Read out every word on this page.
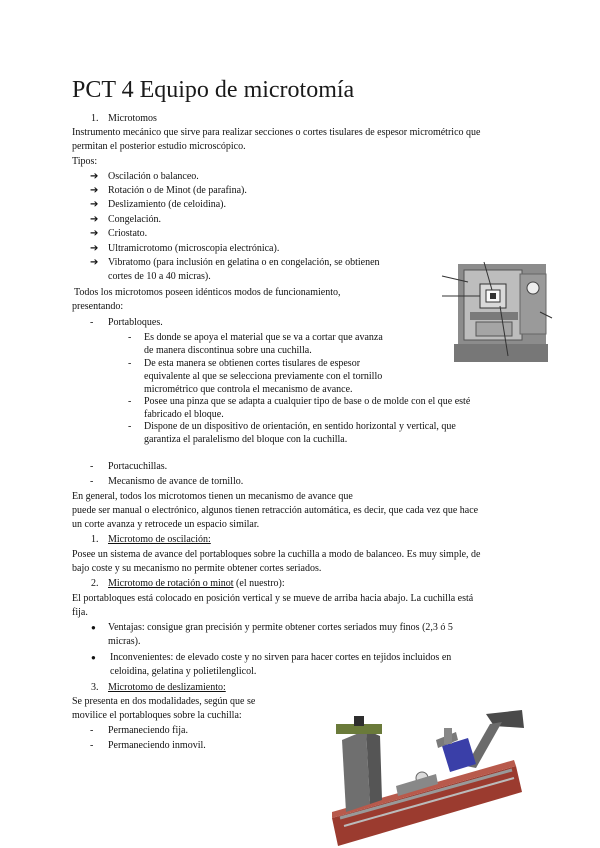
PCT 4 Equipo de microtomía
1. Microtomos
Instrumento mecánico que sirve para realizar secciones o cortes tisulares de espesor micrométrico que
permitan el posterior estudio microscópico.
Tipos:
➔ Oscilación o balanceo.
➔ Rotación o de Minot (de parafina).
➔ Deslizamiento (de celoidina).
➔ Congelación.
➔ Criostato.
➔ Ultramicrotomo (microscopia electrónica).
➔ Vibratomo (para inclusión en gelatina o en congelación, se obtienen
cortes de 10 a 40 micras).
Todos los microtomos poseen idénticos modos de funcionamiento,
presentando:
- Portabloques.
- Es donde se apoya el material que se va a cortar que avanza
de manera discontinua sobre una cuchilla.
- De esta manera se obtienen cortes tisulares de espesor
equivalente al que se selecciona previamente con el tornillo
micrométrico que controla el mecanismo de avance.
- Posee una pinza que se adapta a cualquier tipo de base o de molde con el que esté
fabricado el bloque.
- Dispone de un dispositivo de orientación, en sentido horizontal y vertical, que
garantiza el paralelismo del bloque con la cuchilla.
- Portacuchillas.
- Mecanismo de avance de tornillo.
En general, todos los microtomos tienen un mecanismo de avance que
puede ser manual o electrónico, algunos tienen retracción automática, es decir, que cada vez que hace
un corte avanza y retrocede un espacio similar.
1. Microtomo de oscilación:
Posee un sistema de avance del portabloques sobre la cuchilla a modo de balanceo. Es muy simple, de
bajo coste y su mecanismo no permite obtener cortes seriados.
2. Microtomo de rotación o minot (el nuestro):
El portabloques está colocado en posición vertical y se mueve de arriba hacia abajo. La cuchilla está
fija.
● Ventajas: consigue gran precisión y permite obtener cortes seriados muy finos (2,3 ó 5
micras).
● Inconvenientes: de elevado coste y no sirven para hacer cortes en tejidos incluidos en
celoidina, gelatina y polietilenglicol.
3. Microtomo de deslizamiento:
Se presenta en dos modalidades, según que se
movilice el portabloques sobre la cuchilla:
- Permaneciendo fija.
- Permaneciendo inmovil.
